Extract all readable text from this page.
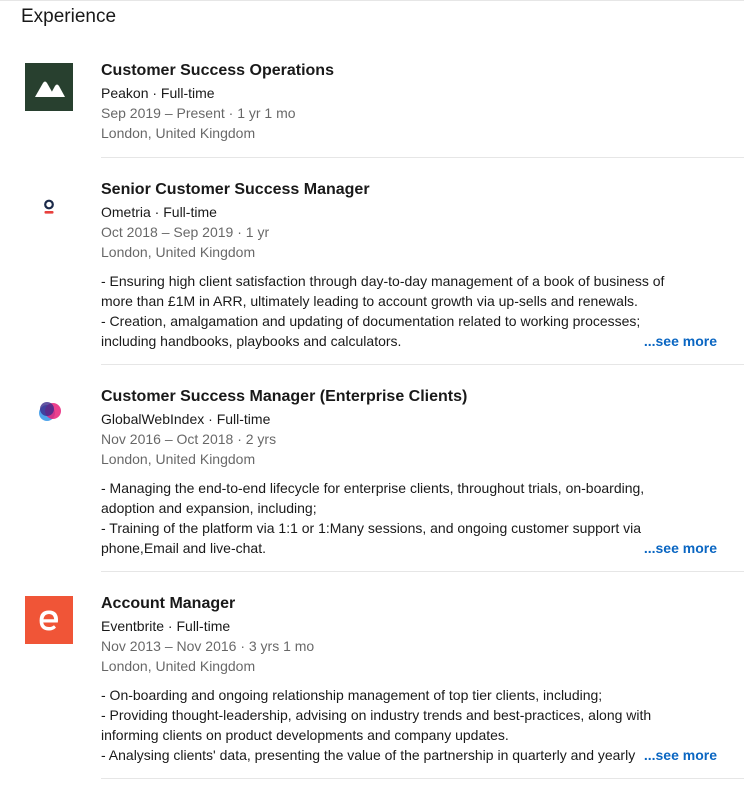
Experience
Customer Success Operations
Peakon · Full-time
Sep 2019 – Present · 1 yr 1 mo
London, United Kingdom
Senior Customer Success Manager
Ometria · Full-time
Oct 2018 – Sep 2019 · 1 yr
London, United Kingdom
- Ensuring high client satisfaction through day-to-day management of a book of business of
more than £1M in ARR, ultimately leading to account growth via up-sells and renewals.
- Creation, amalgamation and updating of documentation related to working processes;
including handbooks, playbooks and calculators.	...see more
Customer Success Manager (Enterprise Clients)
GlobalWebIndex · Full-time
Nov 2016 – Oct 2018 · 2 yrs
London, United Kingdom
- Managing the end-to-end lifecycle for enterprise clients, throughout trials, on-boarding,
adoption and expansion, including;
- Training of the platform via 1:1 or 1:Many sessions, and ongoing customer support via
phone,Email and live-chat.	...see more
Account Manager
Eventbrite · Full-time
Nov 2013 – Nov 2016 · 3 yrs 1 mo
London, United Kingdom
- On-boarding and ongoing relationship management of top tier clients, including;
- Providing thought-leadership, advising on industry trends and best-practices, along with
informing clients on product developments and company updates.
- Analysing clients' data, presenting the value of the partnership in quarterly and yearly ...see more
